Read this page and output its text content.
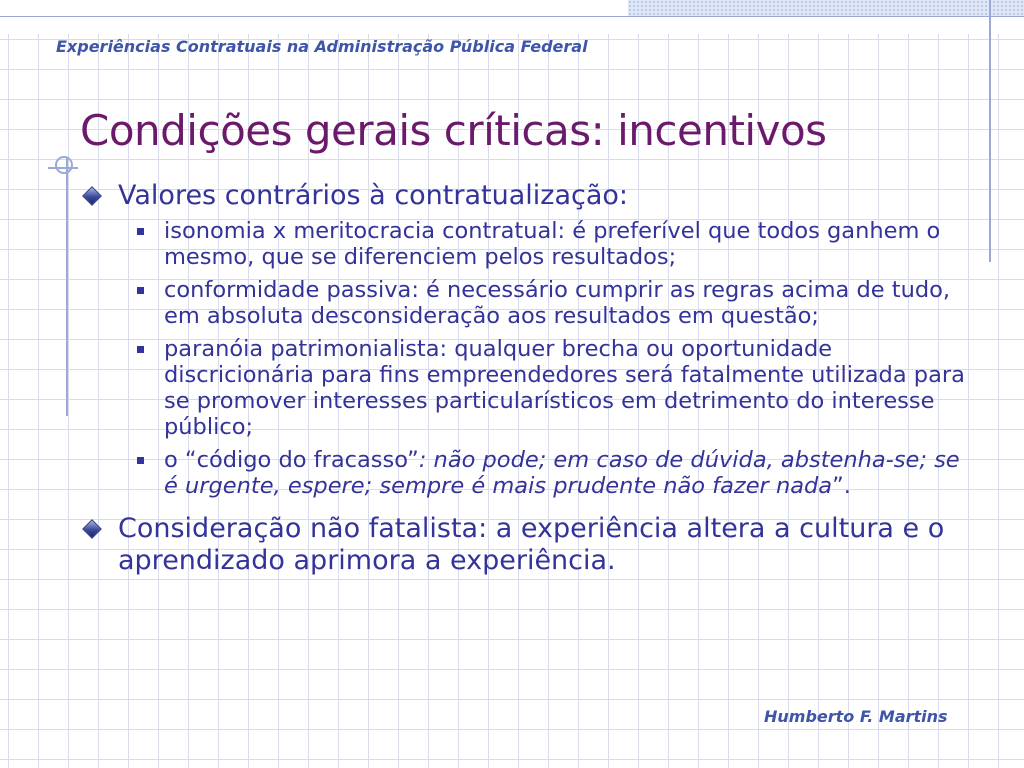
Experiências Contratuais na Administração Pública Federal
Condições gerais críticas: incentivos
Valores contrários à contratualização:
isonomia x meritocracia contratual: é preferível que todos ganhem o mesmo, que se diferenciem pelos resultados;
conformidade passiva: é necessário cumprir as regras acima de tudo, em absoluta desconsideração aos resultados em questão;
paranóia patrimonialista: qualquer brecha ou oportunidade discricionária para fins empreendedores será fatalmente utilizada para se promover interesses particularísticos em detrimento do interesse público;
o “código do fracasso”: não pode; em caso de dúvida, abstenha-se; se é urgente, espere; sempre é mais prudente não fazer nada”.
Consideração não fatalista: a experiência altera a cultura e o aprendizado aprimora a experiência.
Humberto F. Martins
